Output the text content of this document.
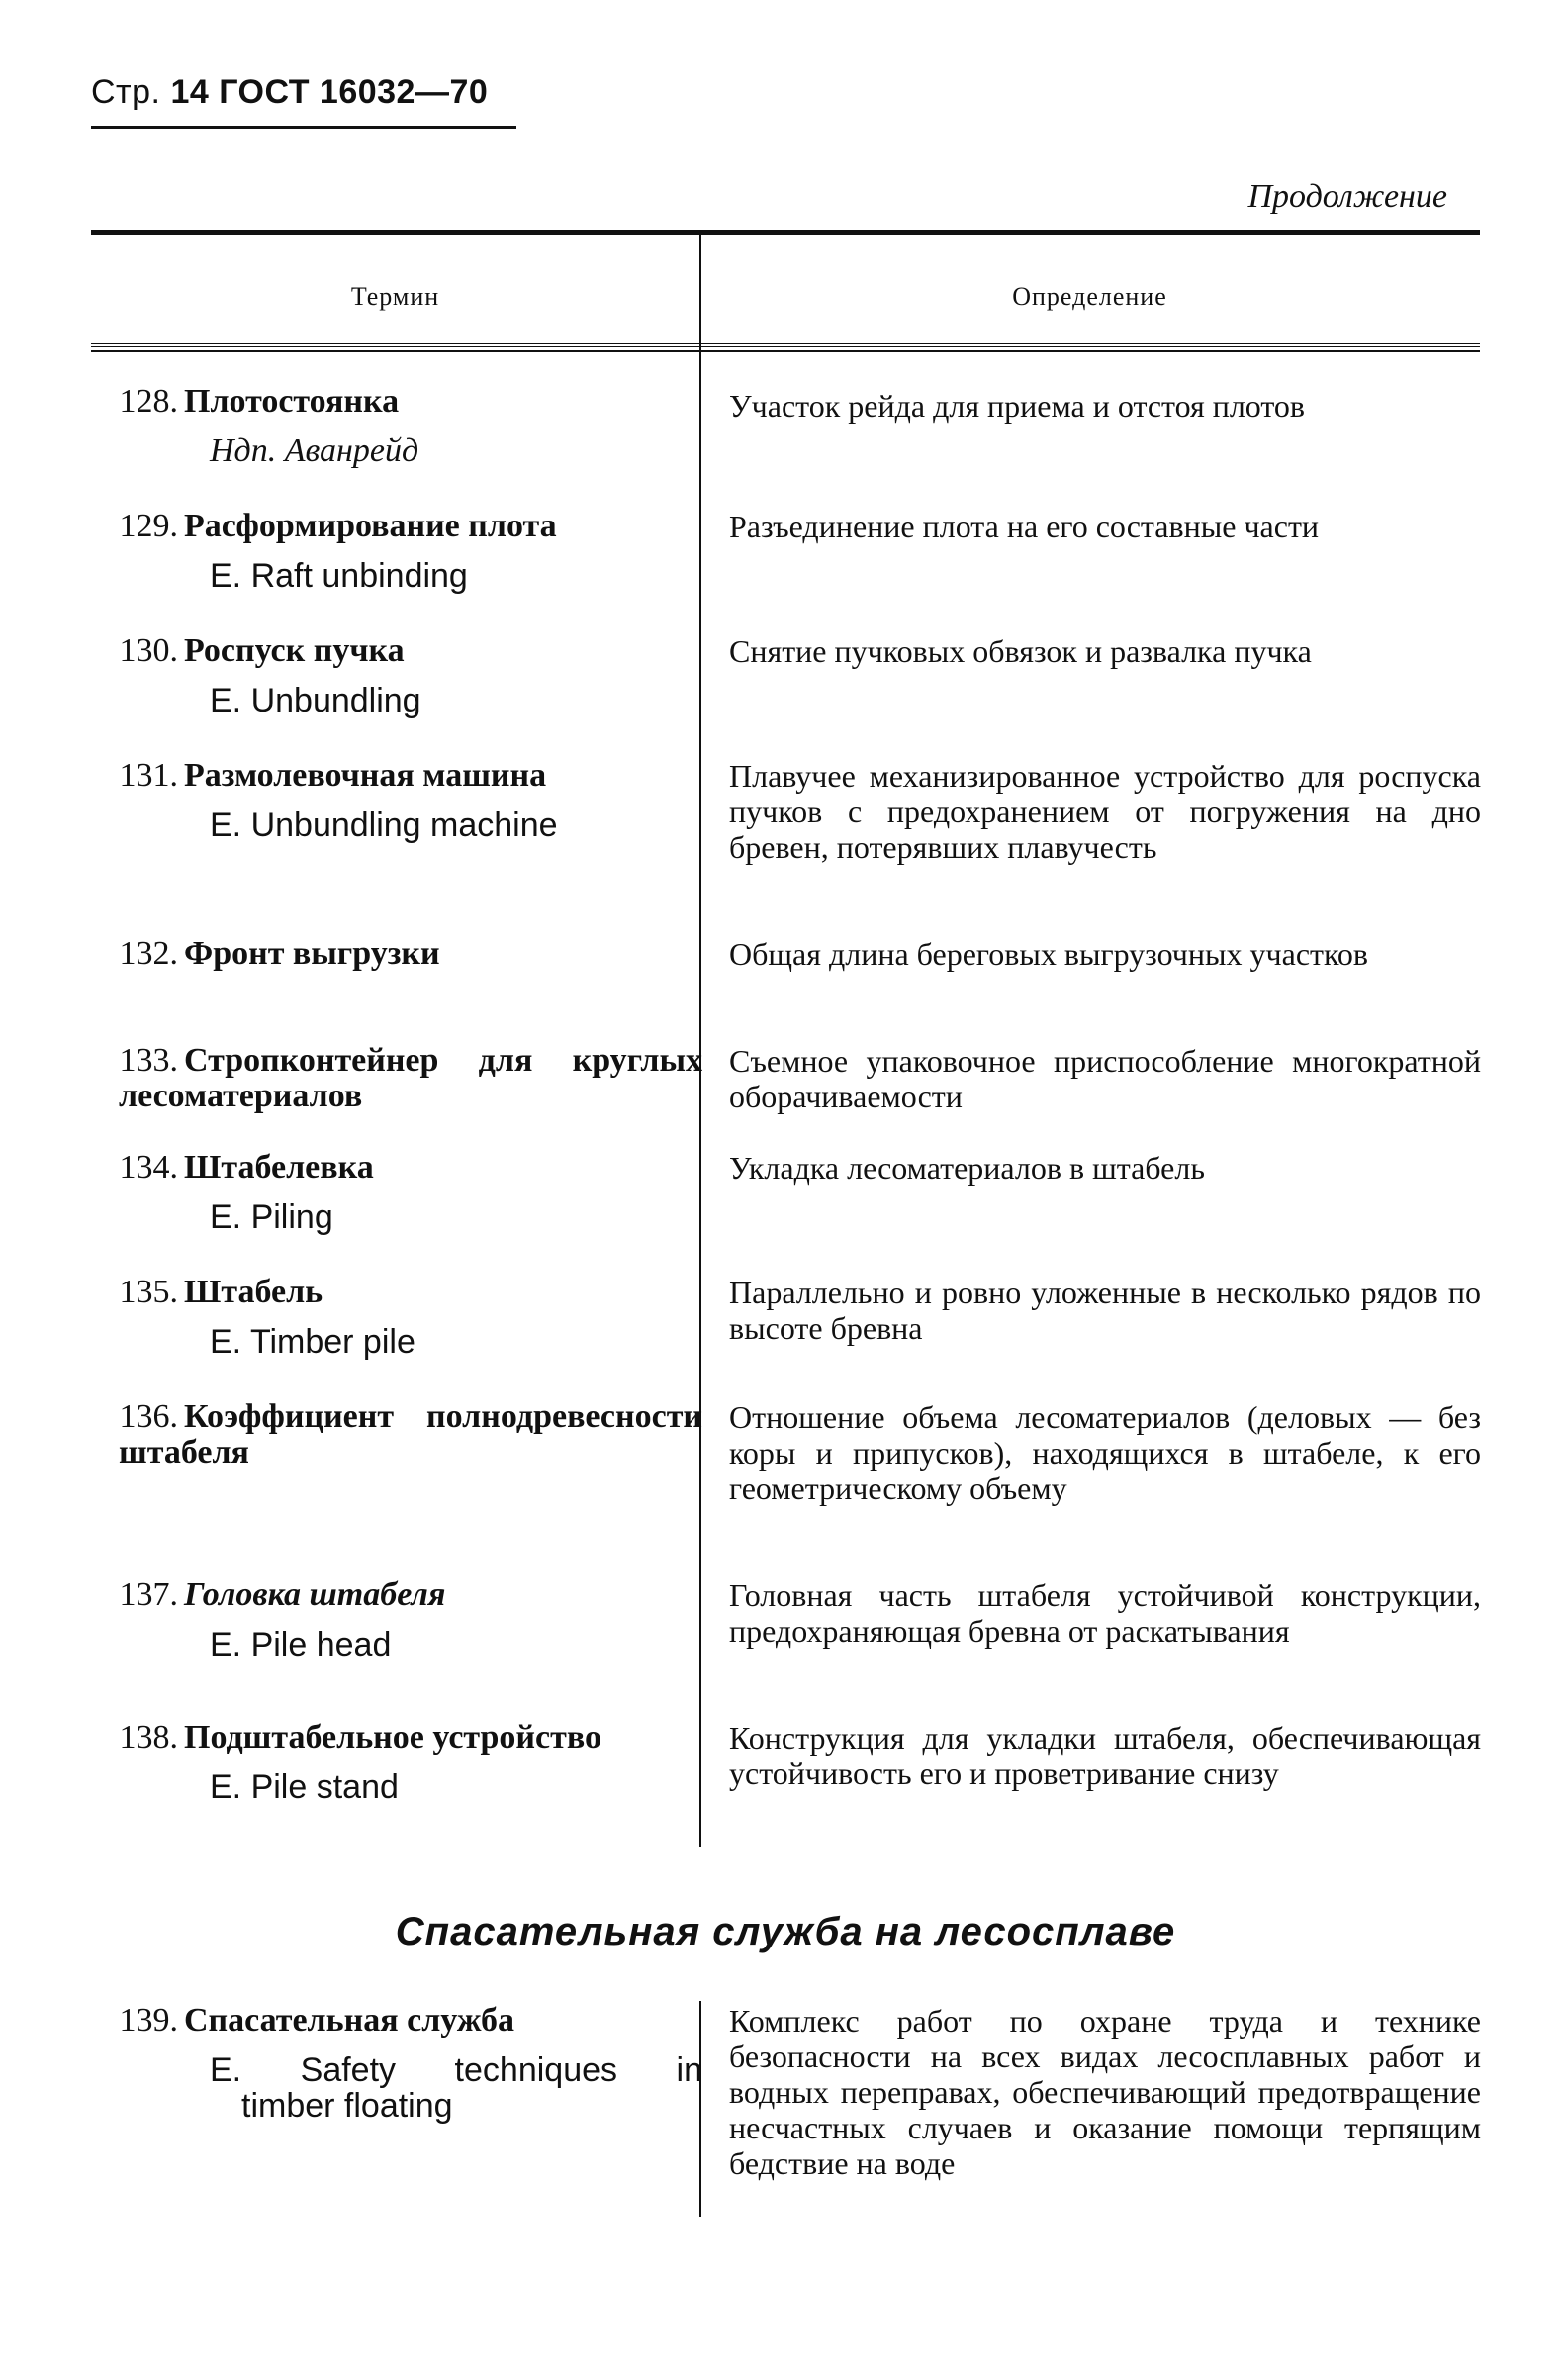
Стр. 14 ГОСТ 16032—70
Продолжение
Термин	Определение
128. Плотостоянка
Ндп. Аванрейд
Участок рейда для приема и отстоя плотов
129. Расформирование плота
E. Raft unbinding
Разъединение плота на его составные части
130. Роспуск пучка
E. Unbundling
Снятие пучковых обвязок и развалка пучка
131. Размолевочная машина
E. Unbundling machine
Плавучее механизированное устройство для роспуска пучков с предохранением от погружения на дно бревен, потерявших плавучесть
132. Фронт выгрузки	Общая длина береговых выгрузочных участков
133. Стропконтейнер для круглых лесоматериалов
Съемное упаковочное приспособление многократной оборачиваемости
134. Штабелевка
E. Piling
Укладка лесоматериалов в штабель
135. Штабель
E. Timber pile
Параллельно и ровно уложенные в несколько рядов по высоте бревна
136. Коэффициент полнодревесности штабеля
Отношение объема лесоматериалов (деловых — без коры и припусков), находящихся в штабеле, к его геометрическому объему
137. Головка штабеля
E. Pile head
Головная часть штабеля устойчивой конструкции, предохраняющая бревна от раскатывания
138. Подштабельное устройство
E. Pile stand
Конструкция для укладки штабеля, обеспечивающая устойчивость его и проветривание снизу
Спасательная служба на лесосплаве
139. Спасательная служба
E. Safety techniques in
timber floating
Комплекс работ по охране труда и технике безопасности на всех видах лесосплавных работ и водных переправах, обеспечивающий предотвращение несчастных случаев и оказание помощи терпящим бедствие на воде
